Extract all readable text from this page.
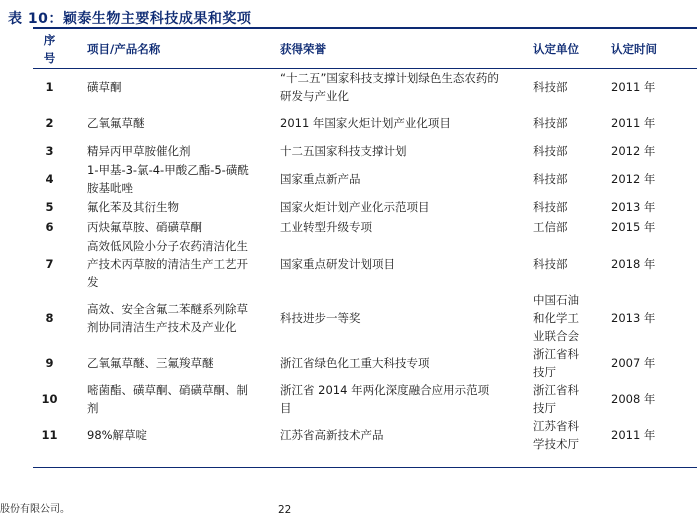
表 10：颖泰生物主要科技成果和奖项
序号	项目/产品名称	获得荣誉	认定单位	认定时间
1	磺草酮	“十二五”国家科技支撑计划绿色生态农药的研发与产业化	科技部	2011 年
2	乙氧氟草醚	2011 年国家火炬计划产业化项目	科技部	2011 年
3	精异丙甲草胺催化剂	十二五国家科技支撑计划	科技部	2012 年
4	1-甲基-3-氯-4-甲酸乙酯-5-磺酰胺基吡唑	国家重点新产品	科技部	2012 年
5	氟化苯及其衍生物	国家火炬计划产业化示范项目	科技部	2013 年
6	丙炔氟草胺、硝磺草酮	工业转型升级专项	工信部	2015 年
7	高效低风险小分子农药清洁化生产技术丙草胺的清洁生产工艺开发	国家重点研发计划项目	科技部	2018 年
8	高效、安全含氟二苯醚系列除草剂协同清洁生产技术及产业化	科技进步一等奖	中国石油和化学工业联合会	2013 年
9	乙氧氟草醚、三氟羧草醚	浙江省绿色化工重大科技专项	浙江省科技厅	2007 年
10	嘧菌酯、磺草酮、硝磺草酮、制剂	浙江省 2014 年两化深度融合应用示范项目	浙江省科技厅	2008 年
11	98%解草啶	江苏省高新技术产品	江苏省科学技术厅	2011 年
股份有限公司。	22
